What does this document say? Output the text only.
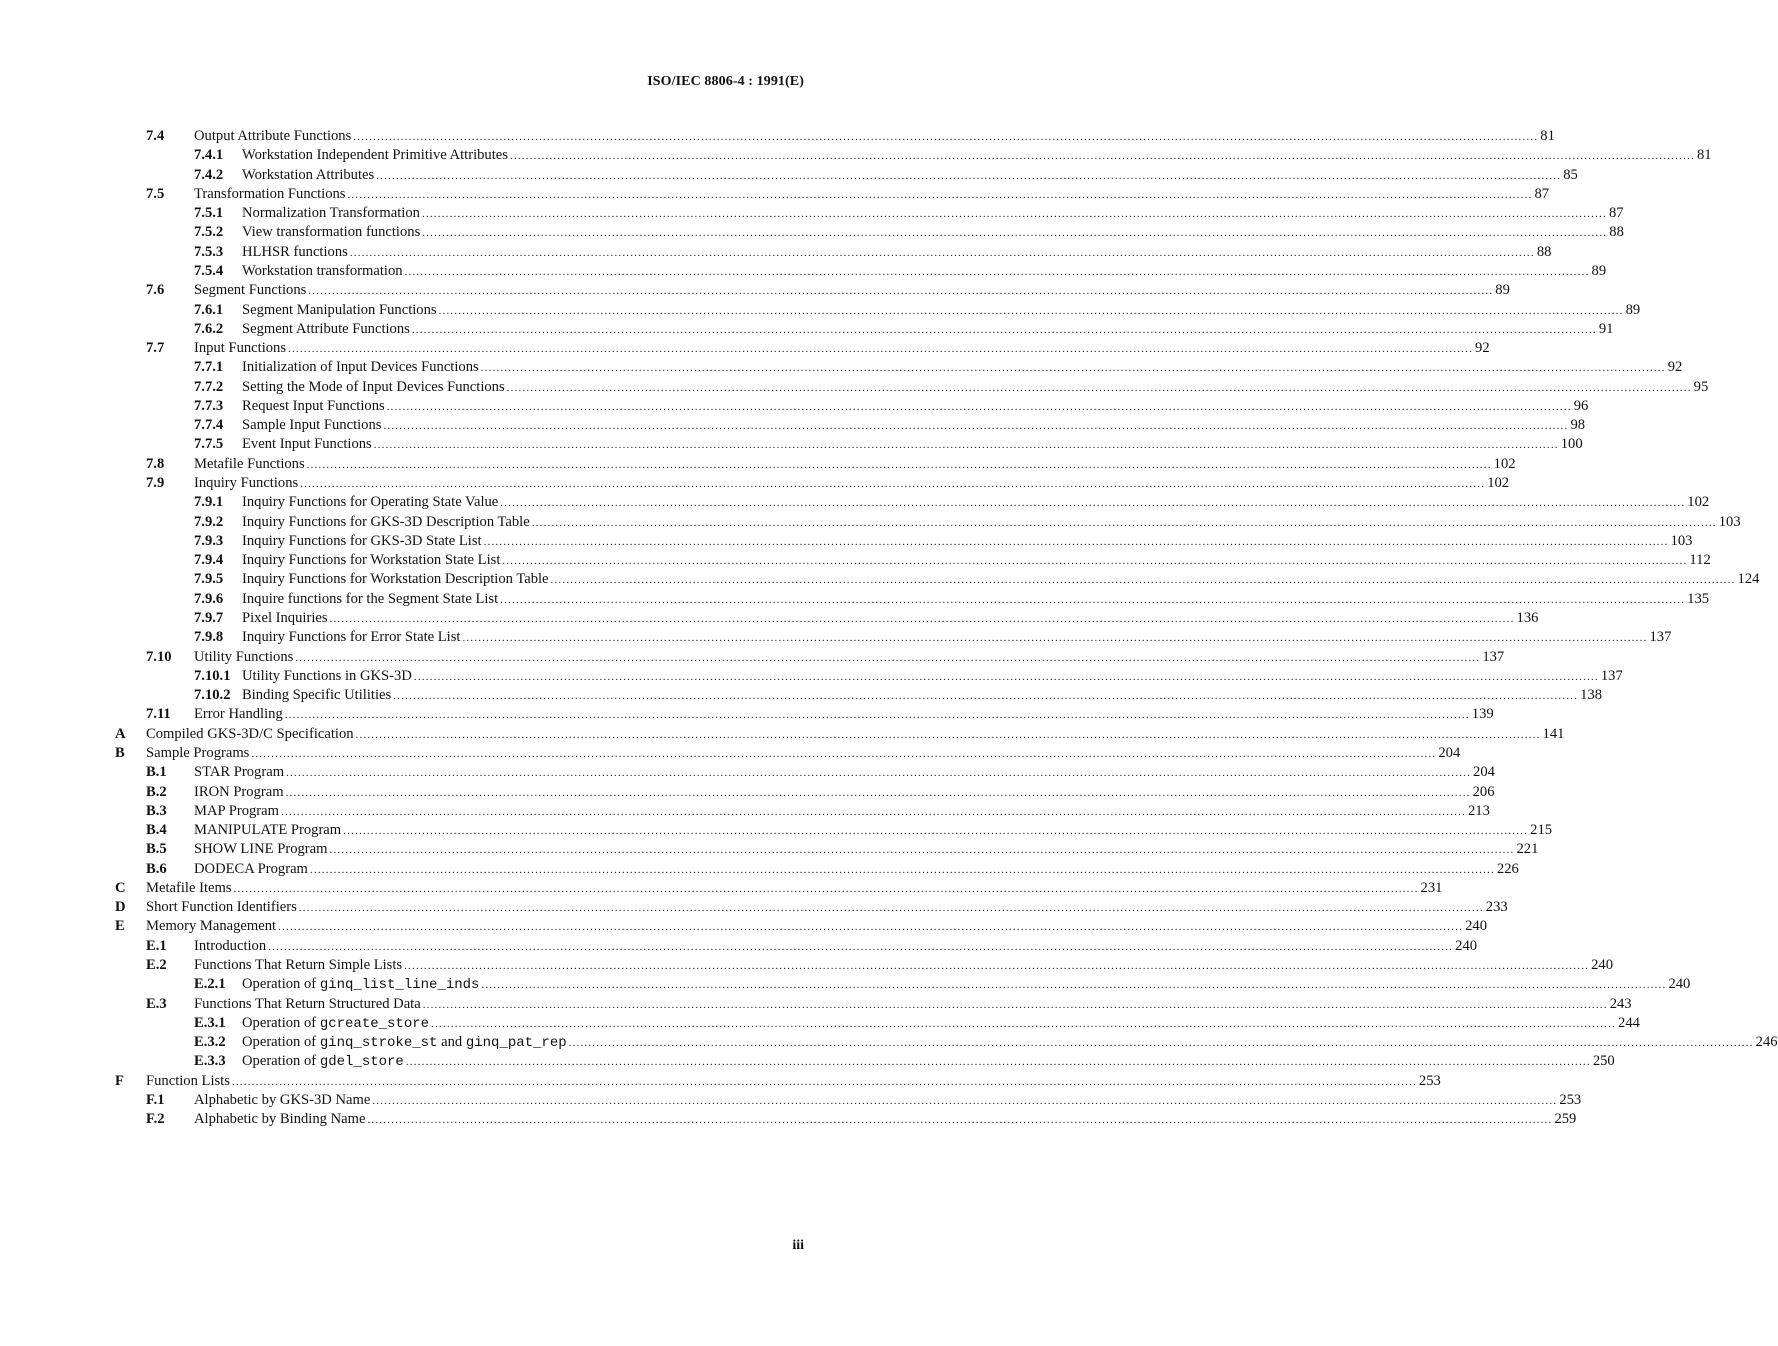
ISO/IEC 8806-4 : 1991(E)
7.4 Output Attribute Functions ............................................................................................................................................................................................................................................................................................................ 81
7.4.1 Workstation Independent Primitive Attributes ............................................................................................................................................................................................................................................................................................................ 81
7.4.2 Workstation Attributes ............................................................................................................................................................................................................................................................................................................ 85
7.5 Transformation Functions ............................................................................................................................................................................................................................................................................................................ 87
7.5.1 Normalization Transformation ............................................................................................................................................................................................................................................................................................................ 87
7.5.2 View transformation functions ............................................................................................................................................................................................................................................................................................................ 88
7.5.3 HLHSR functions ............................................................................................................................................................................................................................................................................................................ 88
7.5.4 Workstation transformation ............................................................................................................................................................................................................................................................................................................ 89
7.6 Segment Functions ............................................................................................................................................................................................................................................................................................................ 89
7.6.1 Segment Manipulation Functions ............................................................................................................................................................................................................................................................................................................ 89
7.6.2 Segment Attribute Functions ............................................................................................................................................................................................................................................................................................................ 91
7.7 Input Functions ............................................................................................................................................................................................................................................................................................................ 92
7.7.1 Initialization of Input Devices Functions ............................................................................................................................................................................................................................................................................................................ 92
7.7.2 Setting the Mode of Input Devices Functions ............................................................................................................................................................................................................................................................................................................ 95
7.7.3 Request Input Functions ............................................................................................................................................................................................................................................................................................................ 96
7.7.4 Sample Input Functions ............................................................................................................................................................................................................................................................................................................ 98
7.7.5 Event Input Functions ............................................................................................................................................................................................................................................................................................................ 100
7.8 Metafile Functions ............................................................................................................................................................................................................................................................................................................ 102
7.9 Inquiry Functions ............................................................................................................................................................................................................................................................................................................ 102
7.9.1 Inquiry Functions for Operating State Value ............................................................................................................................................................................................................................................................................................................ 102
7.9.2 Inquiry Functions for GKS-3D Description Table ............................................................................................................................................................................................................................................................................................................ 103
7.9.3 Inquiry Functions for GKS-3D State List ............................................................................................................................................................................................................................................................................................................ 103
7.9.4 Inquiry Functions for Workstation State List ............................................................................................................................................................................................................................................................................................................ 112
7.9.5 Inquiry Functions for Workstation Description Table ............................................................................................................................................................................................................................................................................................................ 124
7.9.6 Inquire functions for the Segment State List ............................................................................................................................................................................................................................................................................................................ 135
7.9.7 Pixel Inquiries ............................................................................................................................................................................................................................................................................................................ 136
7.9.8 Inquiry Functions for Error State List ............................................................................................................................................................................................................................................................................................................ 137
7.10 Utility Functions ............................................................................................................................................................................................................................................................................................................ 137
7.10.1 Utility Functions in GKS-3D ............................................................................................................................................................................................................................................................................................................ 137
7.10.2 Binding Specific Utilities ............................................................................................................................................................................................................................................................................................................ 138
7.11 Error Handling ............................................................................................................................................................................................................................................................................................................ 139
A Compiled GKS-3D/C Specification ............................................................................................................................................................................................................................................................................................................ 141
B Sample Programs ............................................................................................................................................................................................................................................................................................................ 204
B.1 STAR Program ............................................................................................................................................................................................................................................................................................................ 204
B.2 IRON Program ............................................................................................................................................................................................................................................................................................................ 206
B.3 MAP Program ............................................................................................................................................................................................................................................................................................................ 213
B.4 MANIPULATE Program ............................................................................................................................................................................................................................................................................................................ 215
B.5 SHOW LINE Program ............................................................................................................................................................................................................................................................................................................ 221
B.6 DODECA Program ............................................................................................................................................................................................................................................................................................................ 226
C Metafile Items ............................................................................................................................................................................................................................................................................................................ 231
D Short Function Identifiers ............................................................................................................................................................................................................................................................................................................ 233
E Memory Management ............................................................................................................................................................................................................................................................................................................ 240
E.1 Introduction ............................................................................................................................................................................................................................................................................................................ 240
E.2 Functions That Return Simple Lists ............................................................................................................................................................................................................................................................................................................ 240
E.2.1 Operation of ginq_list_line_inds ............................................................................................................................................................................................................................................................................................................ 240
E.3 Functions That Return Structured Data ............................................................................................................................................................................................................................................................................................................ 243
E.3.1 Operation of gcreate_store ............................................................................................................................................................................................................................................................................................................ 244
E.3.2 Operation of ginq_stroke_st and ginq_pat_rep ............................................................................................................................................................................................................................................................................................................ 246
E.3.3 Operation of gdel_store ............................................................................................................................................................................................................................................................................................................ 250
F Function Lists ............................................................................................................................................................................................................................................................................................................ 253
F.1 Alphabetic by GKS-3D Name ............................................................................................................................................................................................................................................................................................................ 253
F.2 Alphabetic by Binding Name ............................................................................................................................................................................................................................................................................................................ 259
iii
